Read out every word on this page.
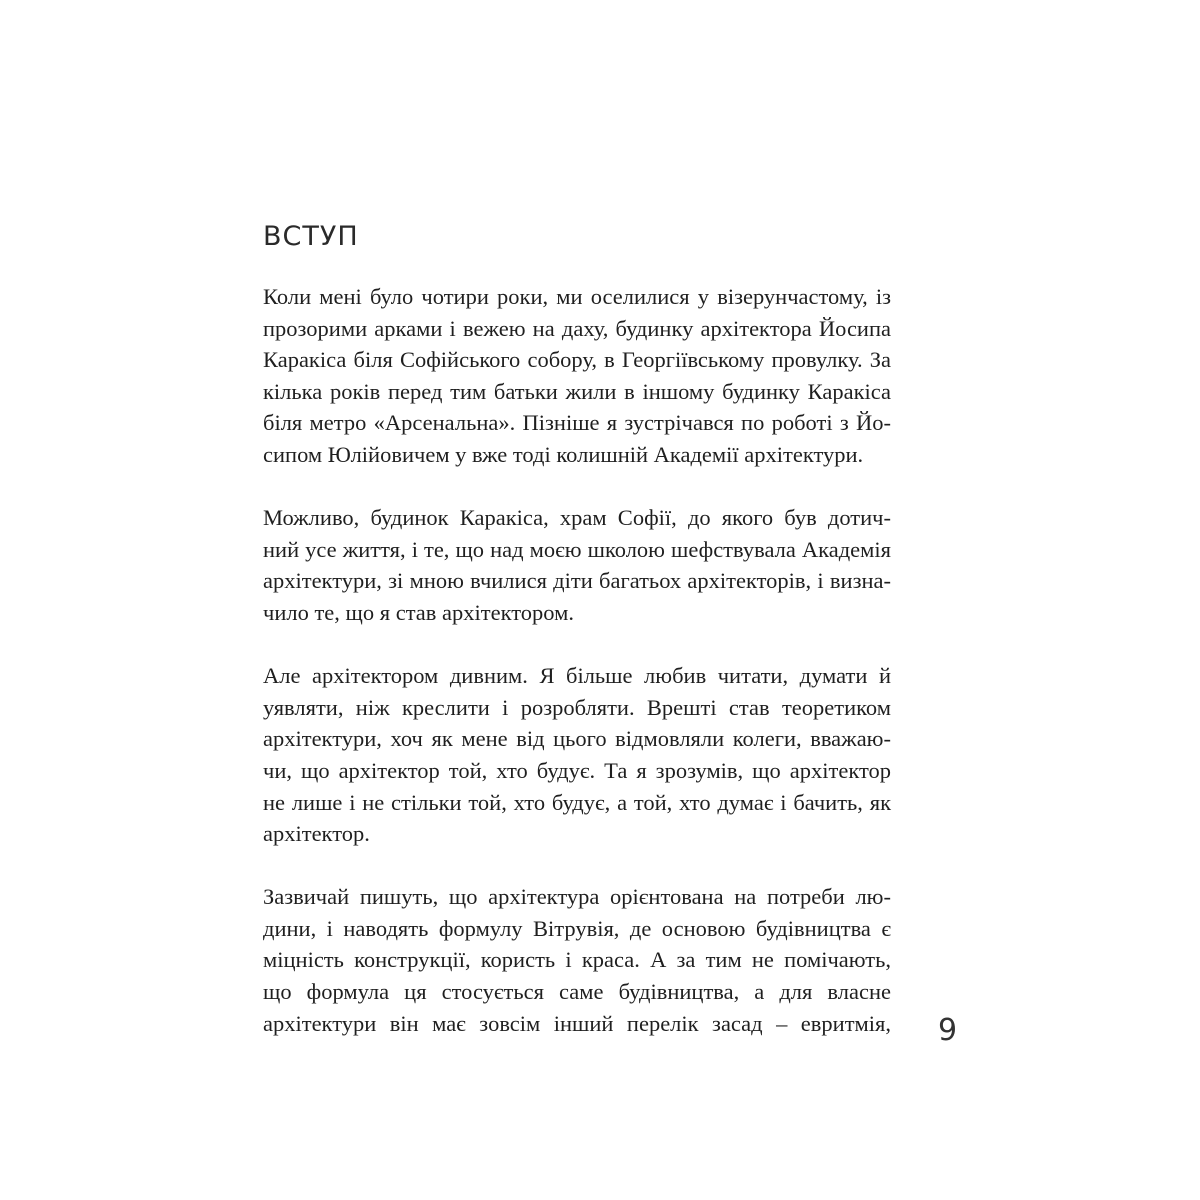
ВСТУП

Коли мені було чотири роки, ми оселилися у візерунчастому, із
прозорими арками і вежею на даху, будинку архітектора Йосипа
Каракіса біля Софійського собору, в Георгіївському провулку. За
кілька років перед тим батьки жили в іншому будинку Каракіса
біля метро «Арсенальна». Пізніше я зустрічався по роботі з Йо-
сипом Юлійовичем у вже тоді колишній Академії архітектури.

Можливо, будинок Каракіса, храм Софії, до якого був дотич-
ний усе життя, і те, що над моєю школою шефствувала Академія
архітектури, зі мною вчилися діти багатьох архітекторів, і визна-
чило те, що я став архітектором.

Але архітектором дивним. Я більше любив читати, думати й
уявляти, ніж креслити і розробляти. Врешті став теоретиком
архітектури, хоч як мене від цього відмовляли колеги, вважаю-
чи, що архітектор той, хто будує. Та я зрозумів, що архітектор
не лише і не стільки той, хто будує, а той, хто думає і бачить, як
архітектор.

Зазвичай пишуть, що архітектура орієнтована на потреби лю-
дини, і наводять формулу Вітрувія, де основою будівництва є
міцність конструкції, користь і краса. А за тим не помічають,
що формула ця стосується саме будівництва, а для власне
архітектури він має зовсім інший перелік засад – евритмія, 9
